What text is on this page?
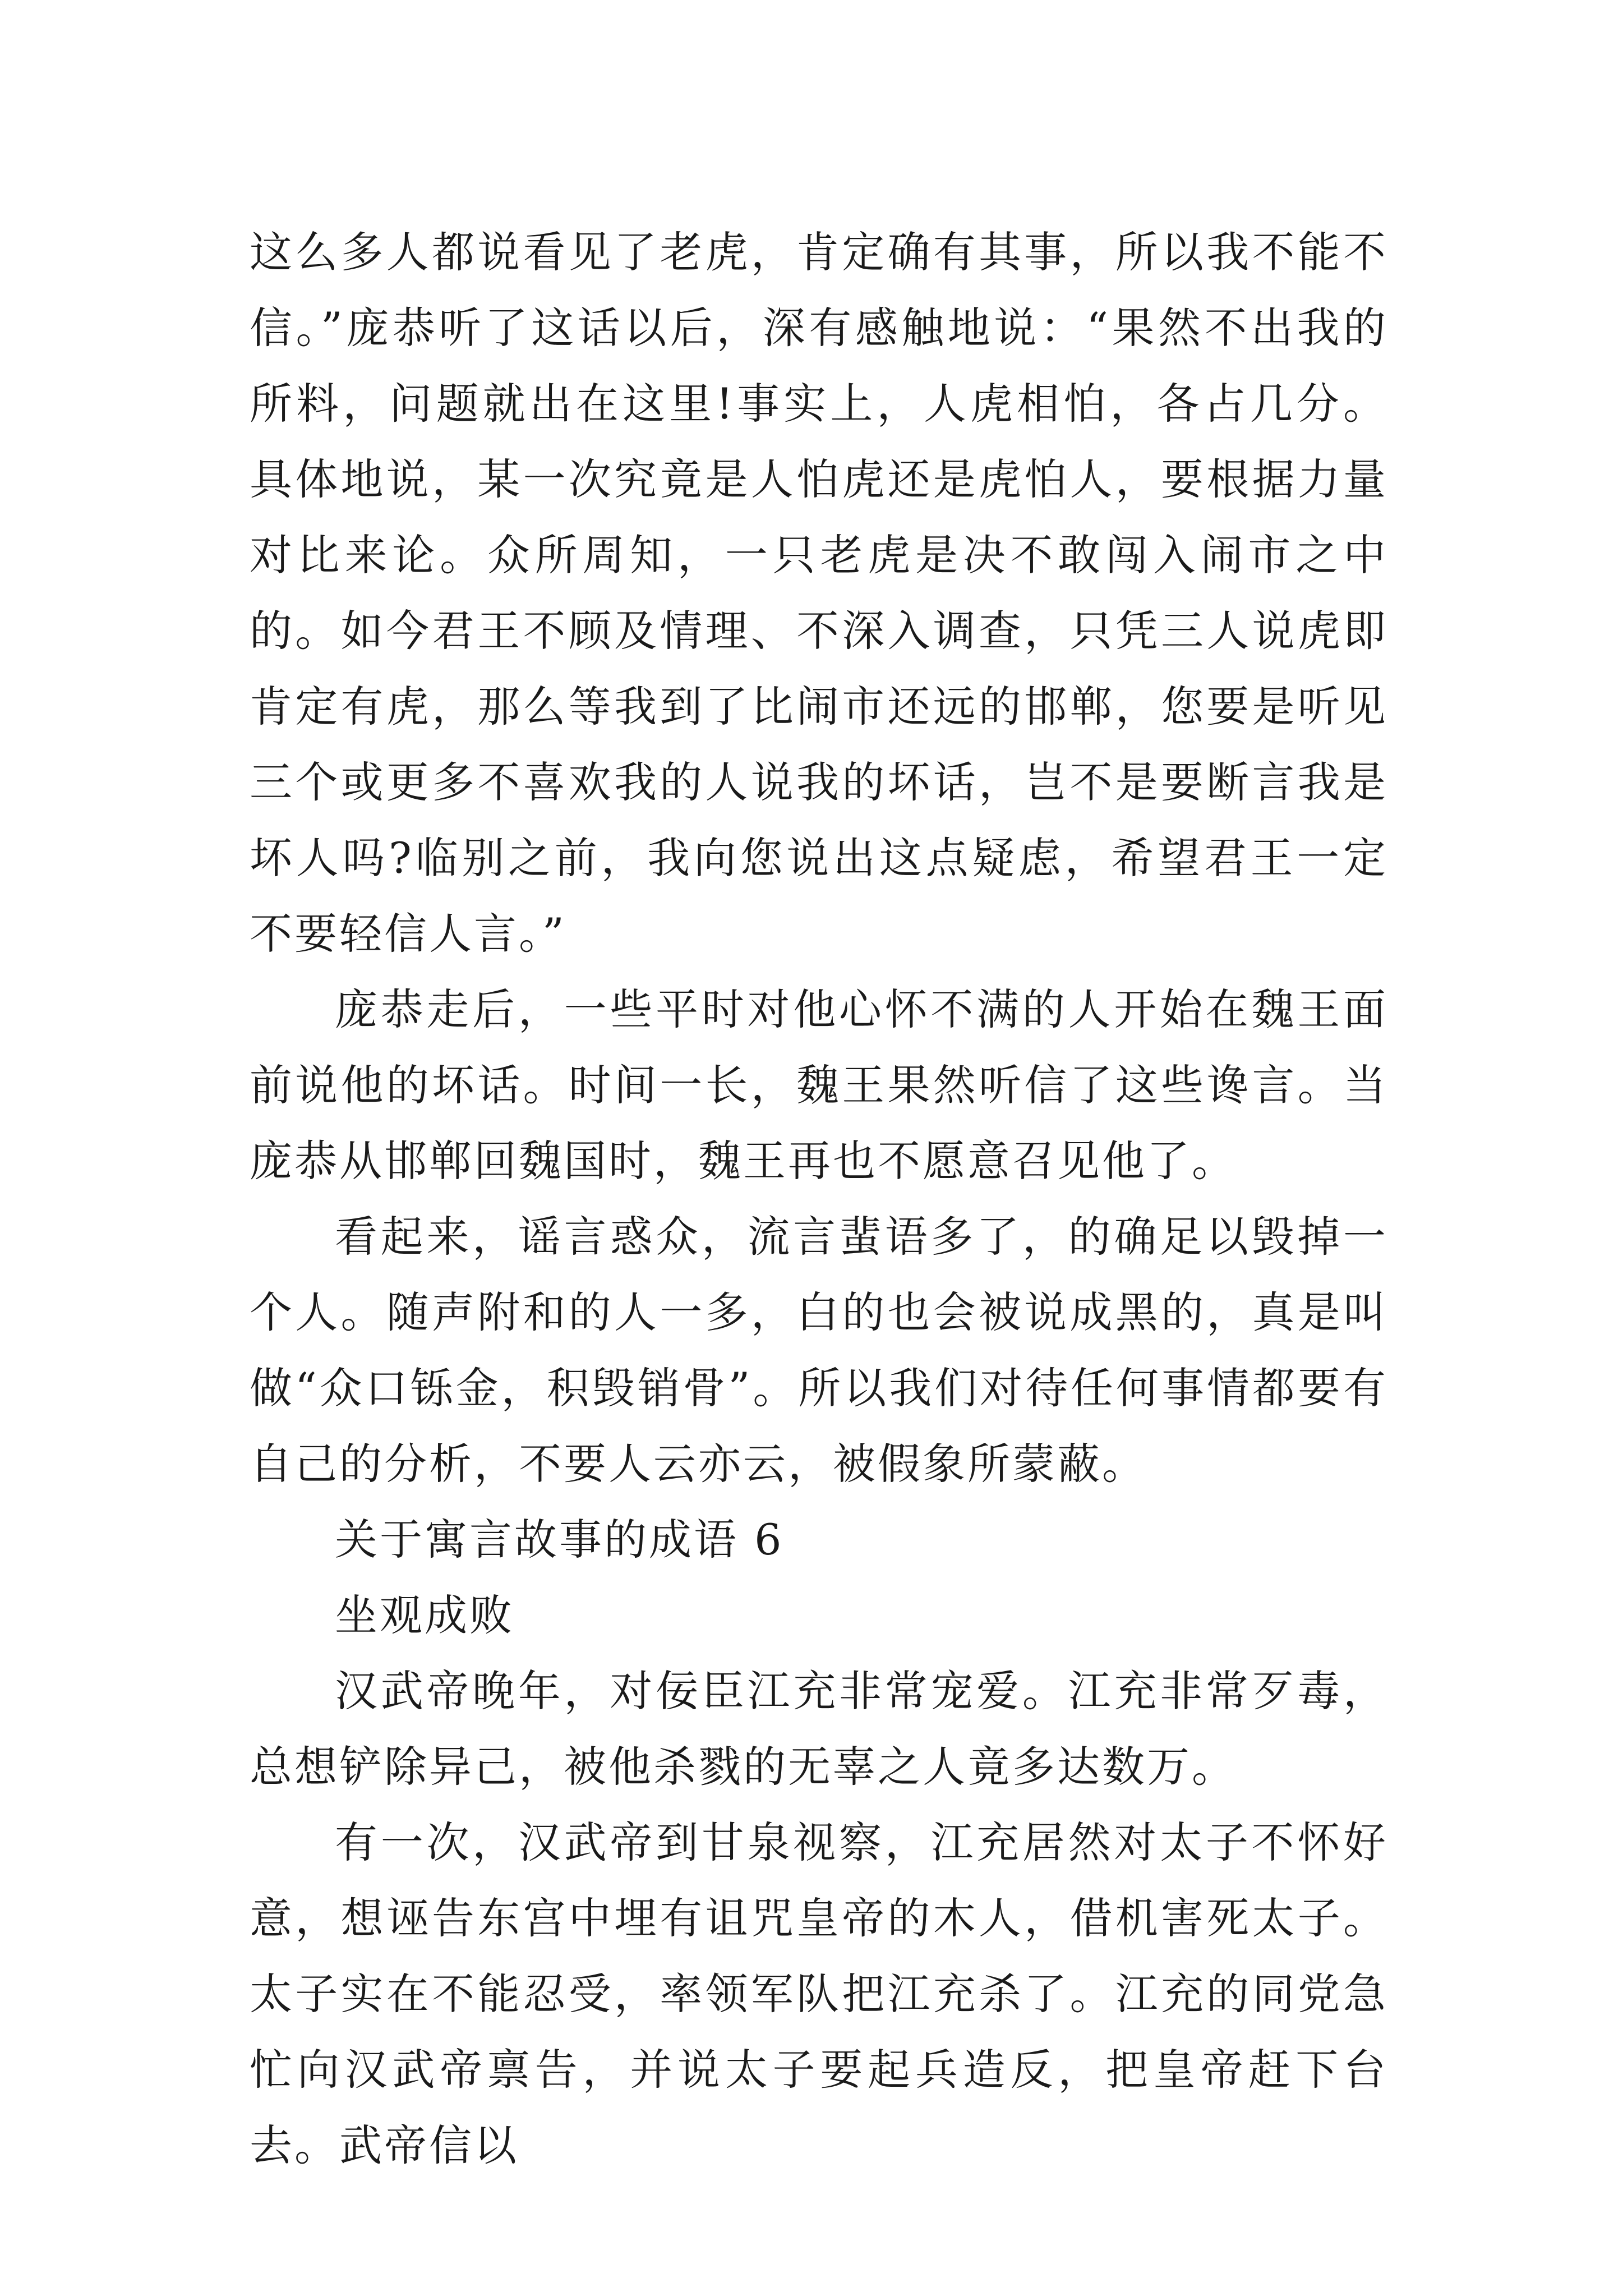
这么多人都说看见了老虎，肯定确有其事，所以我不能不信。”庞恭听了这话以后，深有感触地说：“果然不出我的所料，问题就出在这里!事实上，人虎相怕，各占几分。具体地说，某一次究竟是人怕虎还是虎怕人，要根据力量对比来论。众所周知，一只老虎是决不敢闯入闹市之中的。如今君王不顾及情理、不深入调查，只凭三人说虎即肯定有虎，那么等我到了比闹市还远的邯郸，您要是听见三个或更多不喜欢我的人说我的坏话，岂不是要断言我是坏人吗?临别之前，我向您说出这点疑虑，希望君王一定不要轻信人言。”

庞恭走后，一些平时对他心怀不满的人开始在魏王面前说他的坏话。时间一长，魏王果然听信了这些谗言。当庞恭从邯郸回魏国时，魏王再也不愿意召见他了。

看起来，谣言惑众，流言蜚语多了，的确足以毁掉一个人。随声附和的人一多，白的也会被说成黑的，真是叫做“众口铄金，积毁销骨”。所以我们对待任何事情都要有自己的分析，不要人云亦云，被假象所蒙蔽。

关于寓言故事的成语 6

坐观成败

汉武帝晚年，对佞臣江充非常宠爱。江充非常歹毒，总想铲除异己，被他杀戮的无辜之人竟多达数万。

有一次，汉武帝到甘泉视察，江充居然对太子不怀好意，想诬告东宫中埋有诅咒皇帝的木人，借机害死太子。太子实在不能忍受，率领军队把江充杀了。江充的同党急忙向汉武帝禀告，并说太子要起兵造反，把皇帝赶下台去。武帝信以
